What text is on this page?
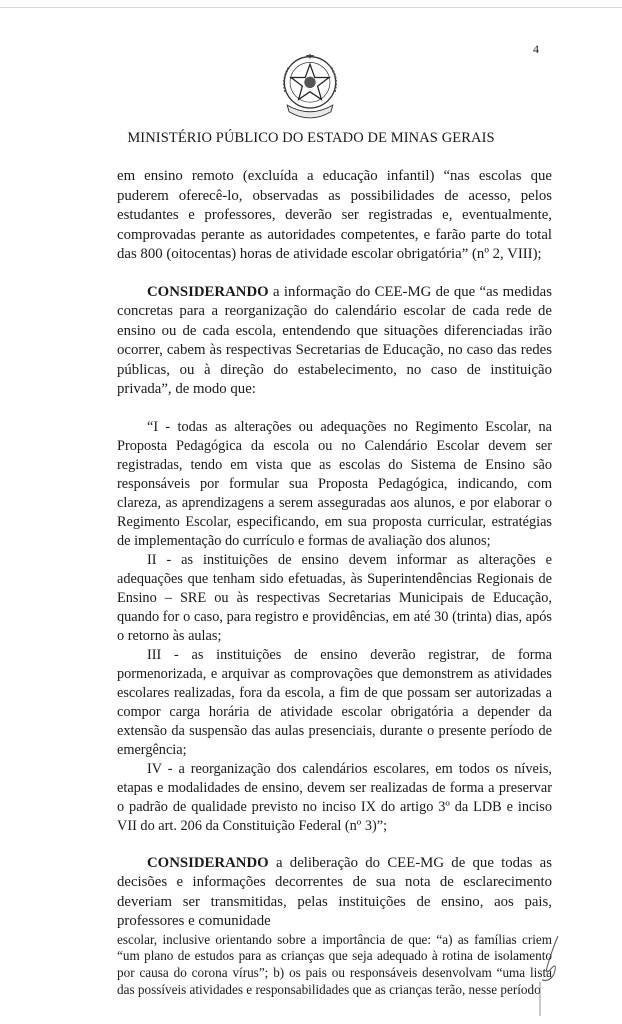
4
MINISTÉRIO PÚBLICO DO ESTADO DE MINAS GERAIS

em ensino remoto (excluída a educação infantil) “nas escolas que puderem oferecê-lo, observadas as possibilidades de acesso, pelos estudantes e professores, deverão ser registradas e, eventualmente, comprovadas perante as autoridades competentes, e farão parte do total das 800 (oitocentas) horas de atividade escolar obrigatória” (nº 2, VIII);

CONSIDERANDO a informação do CEE-MG de que “as medidas concretas para a reorganização do calendário escolar de cada rede de ensino ou de cada escola, entendendo que situações diferenciadas irão ocorrer, cabem às respectivas Secretarias de Educação, no caso das redes públicas, ou à direção do estabelecimento, no caso de instituição privada”, de modo que:

“I - todas as alterações ou adequações no Regimento Escolar, na Proposta Pedagógica da escola ou no Calendário Escolar devem ser registradas, tendo em vista que as escolas do Sistema de Ensino são responsáveis por formular sua Proposta Pedagógica, indicando, com clareza, as aprendizagens a serem asseguradas aos alunos, e por elaborar o Regimento Escolar, especificando, em sua proposta curricular, estratégias de implementação do currículo e formas de avaliação dos alunos;

II - as instituições de ensino devem informar as alterações e adequações que tenham sido efetuadas, às Superintendências Regionais de Ensino – SRE ou às respectivas Secretarias Municipais de Educação, quando for o caso, para registro e providências, em até 30 (trinta) dias, após o retorno às aulas;

III - as instituições de ensino deverão registrar, de forma pormenorizada, e arquivar as comprovações que demonstrem as atividades escolares realizadas, fora da escola, a fim de que possam ser autorizadas a compor carga horária de atividade escolar obrigatória a depender da extensão da suspensão das aulas presenciais, durante o presente período de emergência;

IV - a reorganização dos calendários escolares, em todos os níveis, etapas e modalidades de ensino, devem ser realizadas de forma a preservar o padrão de qualidade previsto no inciso IX do artigo 3º da LDB e inciso VII do art. 206 da Constituição Federal (nº 3)”;

CONSIDERANDO a deliberação do CEE-MG de que todas as decisões e informações decorrentes de sua nota de esclarecimento deveriam ser transmitidas, pelas instituições de ensino, aos pais, professores e comunidade

escolar, inclusive orientando sobre a importância de que: “a) as famílias criem “um plano de estudos para as crianças que seja adequado à rotina de isolamento por causa do corona vírus”; b) os pais ou responsáveis desenvolvam “uma lista das possíveis atividades e responsabilidades que as crianças terão, nesse período
